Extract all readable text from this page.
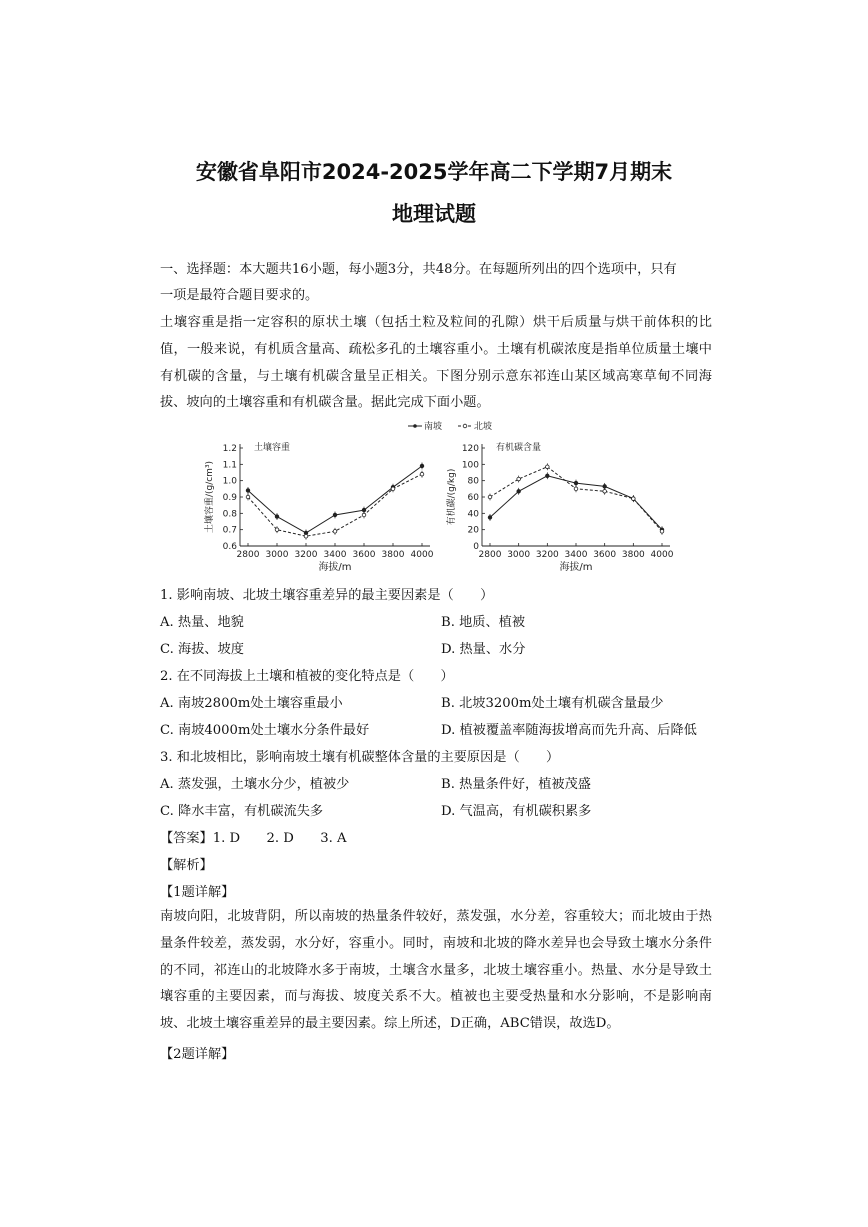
安徽省阜阳市2024-2025学年高二下学期7月期末
地理试题
一、选择题：本大题共16小题，每小题3分，共48分。在每题所列出的四个选项中，只有
一项是最符合题目要求的。

土壤容重是指一定容积的原状土壤（包括土粒及粒间的孔隙）烘干后质量与烘干前体积的比值，一般来说，有机质含量高、疏松多孔的土壤容重小。土壤有机碳浓度是指单位质量土壤中有机碳的含量，与土壤有机碳含量呈正相关。下图分别示意东祁连山某区域高寒草甸不同海拔、坡向的土壤容重和有机碳含量。据此完成下面小题。

南坡	北坡
0.6
0.7
0.8
0.9
1.0
1.1
1.2
2800 3000 3200 3400 3600 3800 4000
海拔/m
土壤容重/(g/cm³)
土壤容重
0
20
40
60
80
100
120
2800 3000 3200 3400 3600 3800 4000
海拔/m
有机碳/(g/kg)
有机碳含量
1. 影响南坡、北坡土壤容重差异的最主要因素是（　　）
A. 热量、地貌	B. 地质、植被
C. 海拔、坡度	D. 热量、水分
2. 在不同海拔上土壤和植被的变化特点是（　　）
A. 南坡2800m处土壤容重最小	B. 北坡3200m处土壤有机碳含量最少
C. 南坡4000m处土壤水分条件最好	D. 植被覆盖率随海拔增高而先升高、后降低
3. 和北坡相比，影响南坡土壤有机碳整体含量的主要原因是（　　）
A. 蒸发强，土壤水分少，植被少	B. 热量条件好，植被茂盛
C. 降水丰富，有机碳流失多	D. 气温高，有机碳积累多
【答案】1. D　　2. D　　3. A
【解析】
【1题详解】

南坡向阳，北坡背阴，所以南坡的热量条件较好，蒸发强，水分差，容重较大；而北坡由于热量条件较差，蒸发弱，水分好，容重小。同时，南坡和北坡的降水差异也会导致土壤水分条件的不同，祁连山的北坡降水多于南坡，土壤含水量多，北坡土壤容重小。热量、水分是导致土壤容重的主要因素，而与海拔、坡度关系不大。植被也主要受热量和水分影响，不是影响南坡、北坡土壤容重差异的最主要因素。综上所述，D正确，ABC错误，故选D。

【2题详解】
